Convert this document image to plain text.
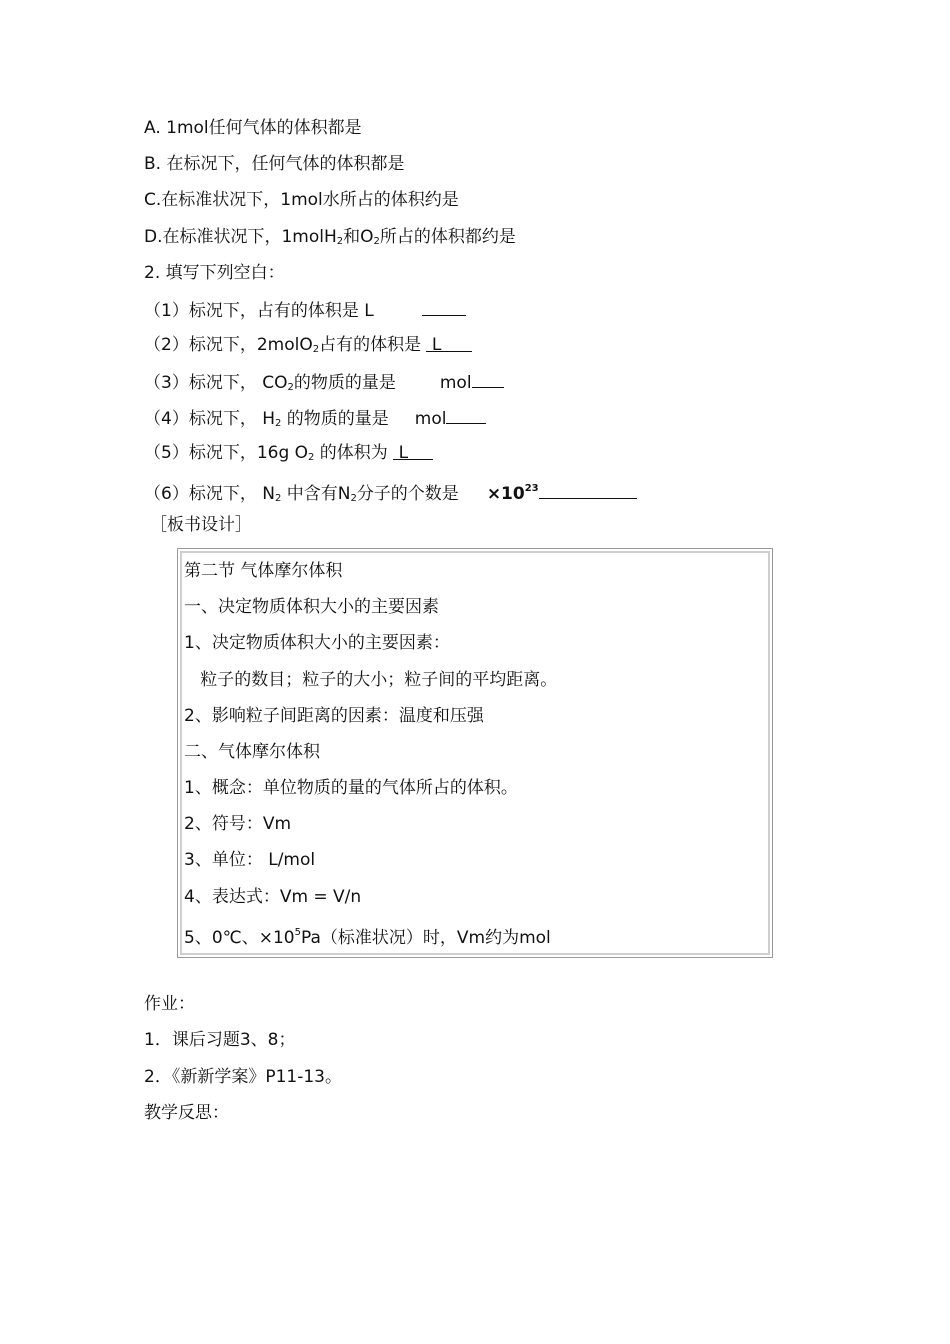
A. 1mol任何气体的体积都是
B. 在标况下，任何气体的体积都是
C.在标准状况下，1mol水所占的体积约是
D.在标准状况下，1molH$_2$和$O_2$所占的体积都约是
2. 填写下列空白：
（1）标况下，占有的体积是 L
（2）标况下，2molO$_2$占有的体积是 L
（3）标况下， $CO_2$的物质的量是	mol
（4）标况下， $H_2$ 的物质的量是 mol
（5）标况下，16g $O_2$ 的体积为 L
（6）标况下， $N_2$ 中含有$N_2$分子的个数是 $\times 10^{23}$
［板书设计］
第二节 气体摩尔体积
一、决定物质体积大小的主要因素
1、决定物质体积大小的主要因素：
粒子的数目；粒子的大小；粒子间的平均距离。
2、影响粒子间距离的因素：温度和压强
二、气体摩尔体积
1、概念：单位物质的量的气体所占的体积。
2、符号：Vm
3、单位： L/mol
4、表达式：Vm = V/n
5、0℃、$\times 10^5Pa$（标准状况）时，Vm约为mol
作业：
1．课后习题3、8；
2．《新新学案》P11-13。
教学反思：
